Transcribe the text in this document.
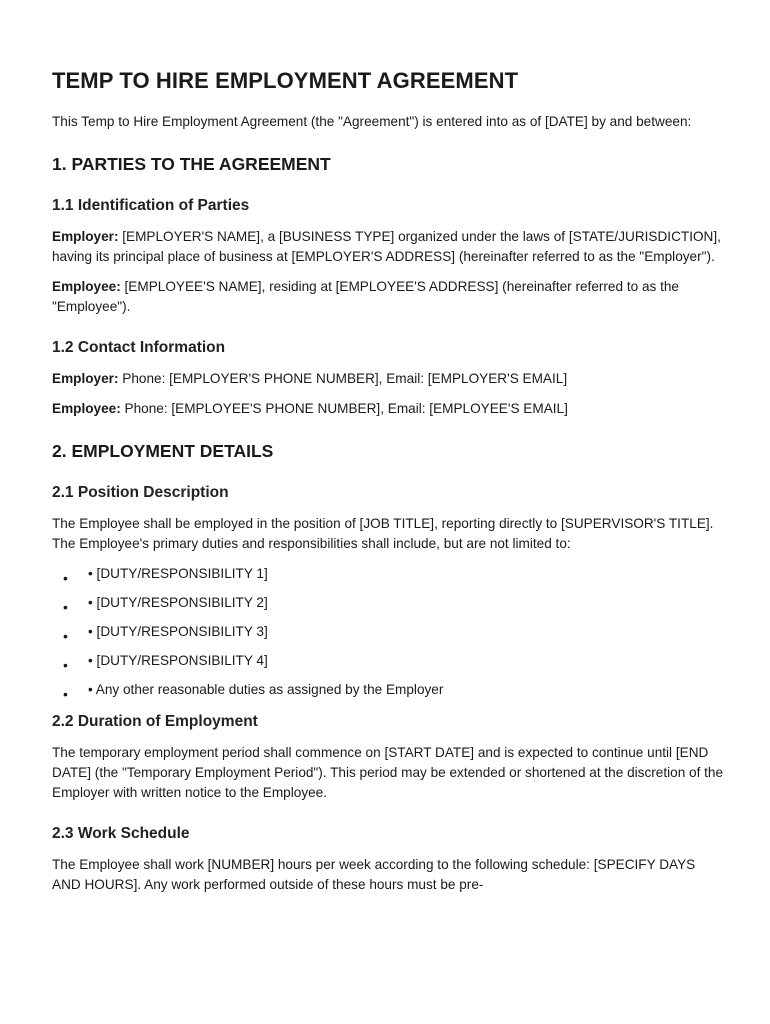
TEMP TO HIRE EMPLOYMENT AGREEMENT

This Temp to Hire Employment Agreement (the "Agreement") is entered into as of [DATE] by and between:

1. PARTIES TO THE AGREEMENT
1.1 Identification of Parties

Employer: [EMPLOYER'S NAME], a [BUSINESS TYPE] organized under the laws of [STATE/JURISDICTION], having its principal place of business at [EMPLOYER'S ADDRESS] (hereinafter referred to as the "Employer").

Employee: [EMPLOYEE'S NAME], residing at [EMPLOYEE'S ADDRESS] (hereinafter referred to as the "Employee").

1.2 Contact Information

Employer: Phone: [EMPLOYER'S PHONE NUMBER], Email: [EMPLOYER'S EMAIL]

Employee: Phone: [EMPLOYEE'S PHONE NUMBER], Email: [EMPLOYEE'S EMAIL]

2. EMPLOYMENT DETAILS
2.1 Position Description

The Employee shall be employed in the position of [JOB TITLE], reporting directly to [SUPERVISOR'S TITLE]. The Employee's primary duties and responsibilities shall include, but are not limited to:

• • [DUTY/RESPONSIBILITY 1]
• • [DUTY/RESPONSIBILITY 2]
• • [DUTY/RESPONSIBILITY 3]
• • [DUTY/RESPONSIBILITY 4]
• • Any other reasonable duties as assigned by the Employer
2.2 Duration of Employment

The temporary employment period shall commence on [START DATE] and is expected to continue until [END DATE] (the "Temporary Employment Period"). This period may be extended or shortened at the discretion of the Employer with written notice to the Employee.

2.3 Work Schedule

The Employee shall work [NUMBER] hours per week according to the following schedule: [SPECIFY DAYS AND HOURS]. Any work performed outside of these hours must be pre-
